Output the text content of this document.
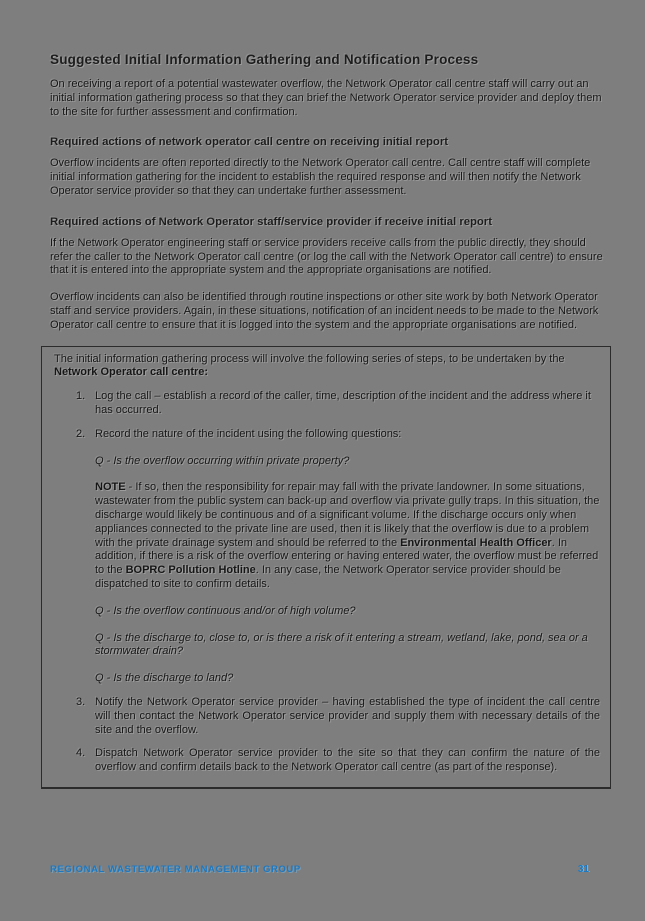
Suggested Initial Information Gathering and Notification Process

On receiving a report of a potential wastewater overflow, the Network Operator call centre staff will carry out an initial information gathering process so that they can brief the Network Operator service provider and deploy them to the site for further assessment and confirmation.

Required actions of network operator call centre on receiving initial report

Overflow incidents are often reported directly to the Network Operator call centre. Call centre staff will complete initial information gathering for the incident to establish the required response and will then notify the Network Operator service provider so that they can undertake further assessment.

Required actions of Network Operator staff/service provider if receive initial report

If the Network Operator engineering staff or service providers receive calls from the public directly, they should refer the caller to the Network Operator call centre (or log the call with the Network Operator call centre) to ensure that it is entered into the appropriate system and the appropriate organisations are notified.

Overflow incidents can also be identified through routine inspections or other site work by both Network Operator staff and service providers. Again, in these situations, notification of an incident needs to be made to the Network Operator call centre to ensure that it is logged into the system and the appropriate organisations are notified.

The initial information gathering process will involve the following series of steps, to be undertaken by the Network Operator call centre:

1. Log the call – establish a record of the caller, time, description of the incident and the address where it has occurred.

2. Record the nature of the incident using the following questions:

Q - Is the overflow occurring within private property?

NOTE - If so, then the responsibility for repair may fall with the private landowner. In some situations, wastewater from the public system can back-up and overflow via private gully traps. In this situation, the discharge would likely be continuous and of a significant volume. If the discharge occurs only when appliances connected to the private line are used, then it is likely that the overflow is due to a problem with the private drainage system and should be referred to the Environmental Health Officer. In addition, if there is a risk of the overflow entering or having entered water, the overflow must be referred to the BOPRC Pollution Hotline. In any case, the Network Operator service provider should be dispatched to site to confirm details.

Q - Is the overflow continuous and/or of high volume?

Q - Is the discharge to, close to, or is there a risk of it entering a stream, wetland, lake, pond, sea or a stormwater drain?

Q - Is the discharge to land?

3. Notify the Network Operator service provider – having established the type of incident the call centre will then contact the Network Operator service provider and supply them with necessary details of the site and the overflow.

4. Dispatch Network Operator service provider to the site so that they can confirm the nature of the overflow and confirm details back to the Network Operator call centre (as part of the response).

REGIONAL WASTEWATER MANAGEMENT GROUP	31
